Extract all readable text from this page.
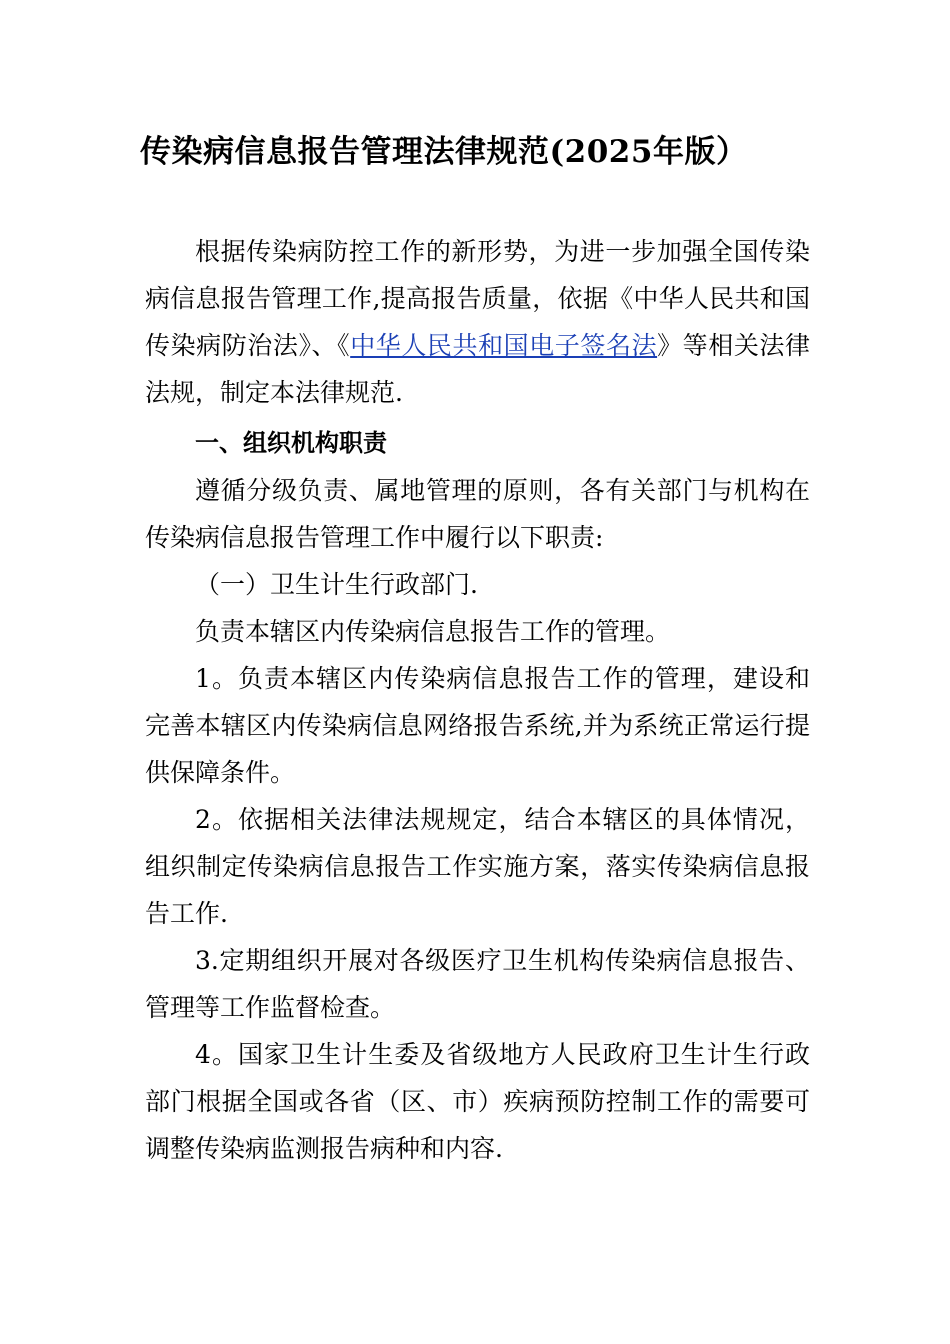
传染病信息报告管理法律规范(2025年版）

根据传染病防控工作的新形势，为进一步加强全国传染病信息报告管理工作,提高报告质量，依据《中华人民共和国传染病防治法》、《中华人民共和国电子签名法》等相关法律法规，制定本法律规范.

一、组织机构职责

遵循分级负责、属地管理的原则，各有关部门与机构在传染病信息报告管理工作中履行以下职责:

（一）卫生计生行政部门.

负责本辖区内传染病信息报告工作的管理。

1。负责本辖区内传染病信息报告工作的管理，建设和完善本辖区内传染病信息网络报告系统,并为系统正常运行提供保障条件。

2。依据相关法律法规规定，结合本辖区的具体情况，组织制定传染病信息报告工作实施方案，落实传染病信息报告工作.

3.定期组织开展对各级医疗卫生机构传染病信息报告、管理等工作监督检查。

4。国家卫生计生委及省级地方人民政府卫生计生行政部门根据全国或各省（区、市）疾病预防控制工作的需要可调整传染病监测报告病种和内容.
